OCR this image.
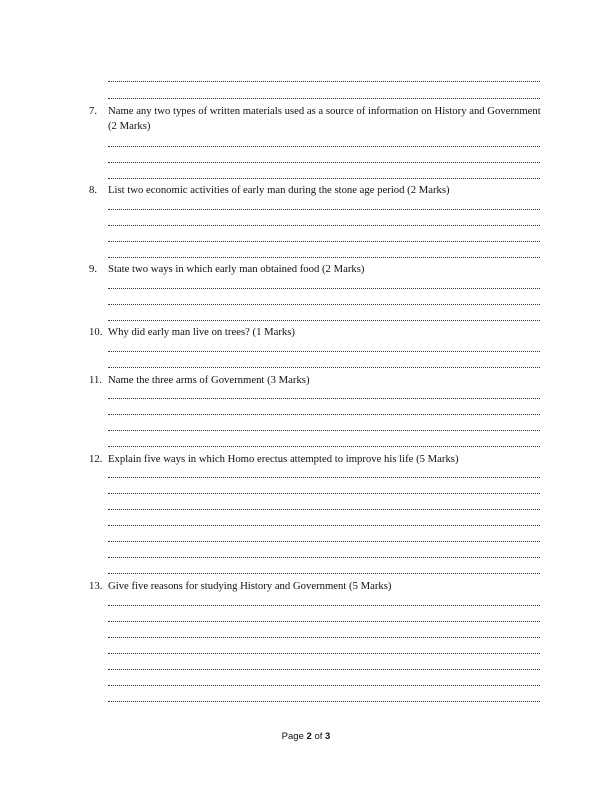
7. Name any two types of written materials used as a source of information on History and Government (2 Marks)
8. List two economic activities of early man during the stone age period (2 Marks)
9. State two ways in which early man obtained food (2 Marks)
10. Why did early man live on trees? (1 Marks)
11. Name the three arms of Government (3 Marks)
12. Explain five ways in which Homo erectus attempted to improve his life (5 Marks)
13. Give five reasons for studying History and Government (5 Marks)
Page 2 of 3
